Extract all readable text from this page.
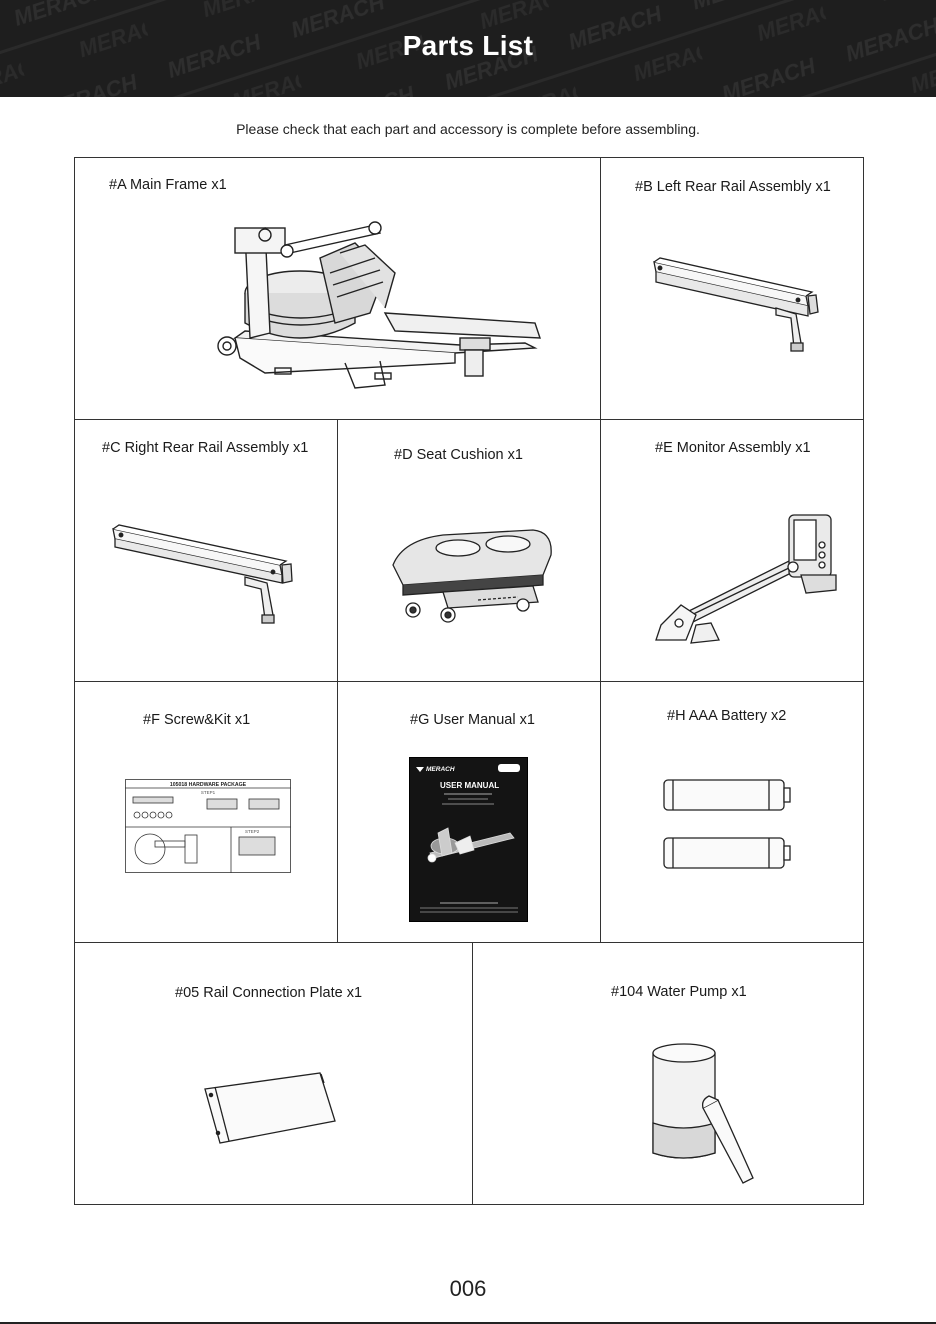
Parts List
Please check that each part and accessory is complete before assembling.
#A Main Frame x1	#B Left Rear Rail Assembly x1
#C Right Rear Rail Assembly x1	#D Seat Cushion x1	#E Monitor Assembly x1
#F Screw&Kit x1
105018 HARDWARE PACKAGE
STEP1
STEP2
#G User Manual x1
MERACH
USER MANUAL
#H AAA Battery x2
#05 Rail Connection Plate x1	#104 Water Pump x1
006
